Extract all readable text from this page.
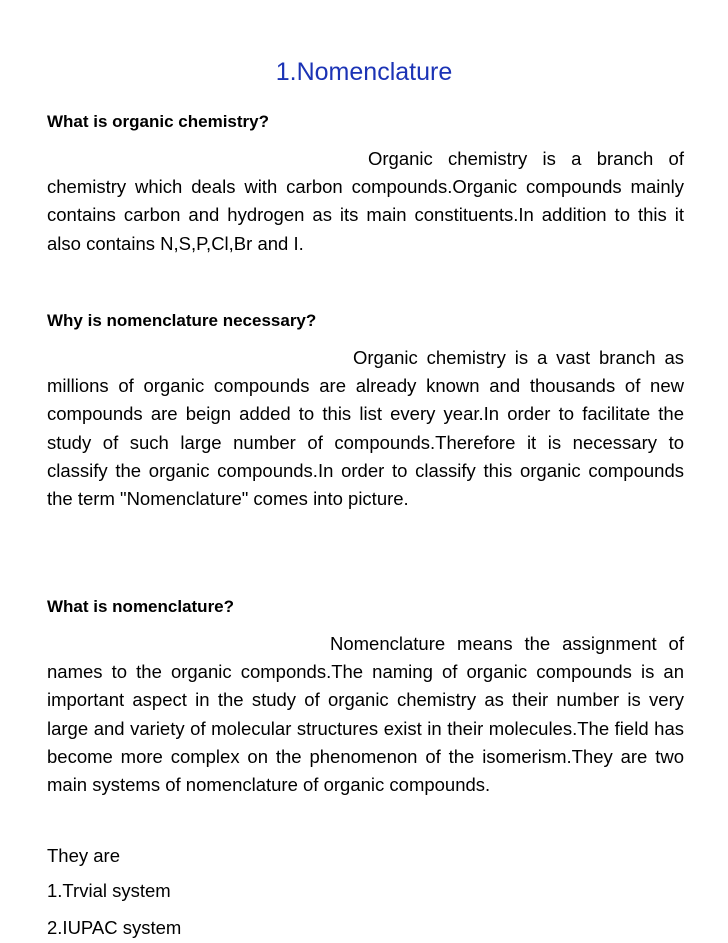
1.Nomenclature
What is organic chemistry?
Organic chemistry is a branch of chemistry which deals with carbon compounds.Organic compounds mainly contains carbon and hydrogen as its main constituents.In addition to this it also contains N,S,P,Cl,Br and I.
Why is nomenclature necessary?
Organic chemistry is a vast branch as millions of organic compounds are already known and thousands of new compounds are beign added to this list every year.In order to facilitate the study of such large number of compounds.Therefore it is necessary to classify the organic compounds.In order to classify this organic compounds the term "Nomenclature" comes into picture.
What is nomenclature?
Nomenclature means the assignment of names to the organic componds.The naming of organic compounds is an important aspect in the study of organic chemistry as their number is very large and variety of molecular structures exist in their molecules.The field has become more complex on the phenomenon of the isomerism.They are two main systems of nomenclature of organic compounds.
They are
1.Trvial system
2.IUPAC system
